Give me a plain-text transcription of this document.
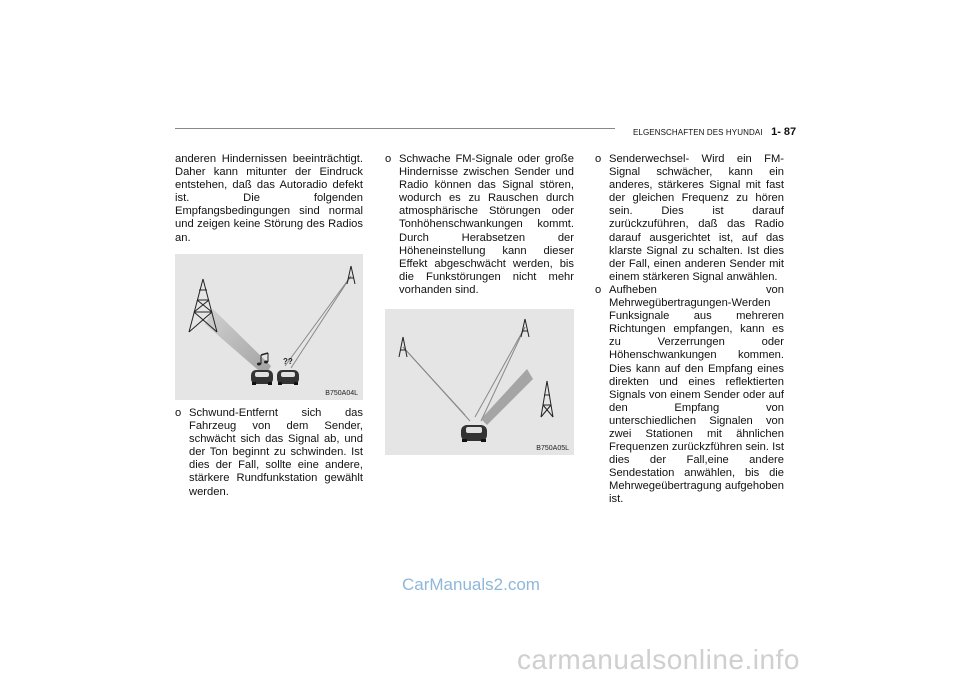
ELGENSCHAFTEN DES HYUNDAI 1- 87

anderen Hindernissen beeinträchtigt. Daher kann mitunter der Eindruck entstehen, daß das Autoradio defekt ist. Die folgenden Empfangsbedingungen sind normal und zeigen keine Störung des Radios an.

??
B750A04L
o Schwund-Entfernt sich das Fahrzeug von dem Sender, schwächt sich das Signal ab, und der Ton beginnt zu schwinden. Ist dies der Fall, sollte eine andere, stärkere Rundfunkstation gewählt werden.
o Schwache FM-Signale oder große Hindernisse zwischen Sender und Radio können das Signal stören, wodurch es zu Rauschen durch atmosphärische Störungen oder Tonhöhenschwankungen kommt. Durch Herabsetzen der Höheneinstellung kann dieser Effekt abgeschwächt werden, bis die Funkstörungen nicht mehr vorhanden sind.
B750A05L
o Senderwechsel- Wird ein FM-Signal schwächer, kann ein anderes, stärkeres Signal mit fast der gleichen Frequenz zu hören sein. Dies ist darauf zurückzuführen, daß das Radio darauf ausgerichtet ist, auf das klarste Signal zu schalten. Ist dies der Fall, einen anderen Sender mit einem stärkeren Signal anwählen.
o Aufheben von Mehrwegübertragungen-Werden Funksignale aus mehreren Richtungen empfangen, kann es zu Verzerrungen oder Höhenschwankungen kommen. Dies kann auf den Empfang eines direkten und eines reflektierten Signals von einem Sender oder auf den Empfang von unterschiedlichen Signalen von zwei Stationen mit ähnlichen Frequenzen zurückzführen sein. Ist dies der Fall,eine andere Sendestation anwählen, bis die Mehrwegeübertragung aufgehoben ist.
CarManuals2.com
carmanualsonline.info
